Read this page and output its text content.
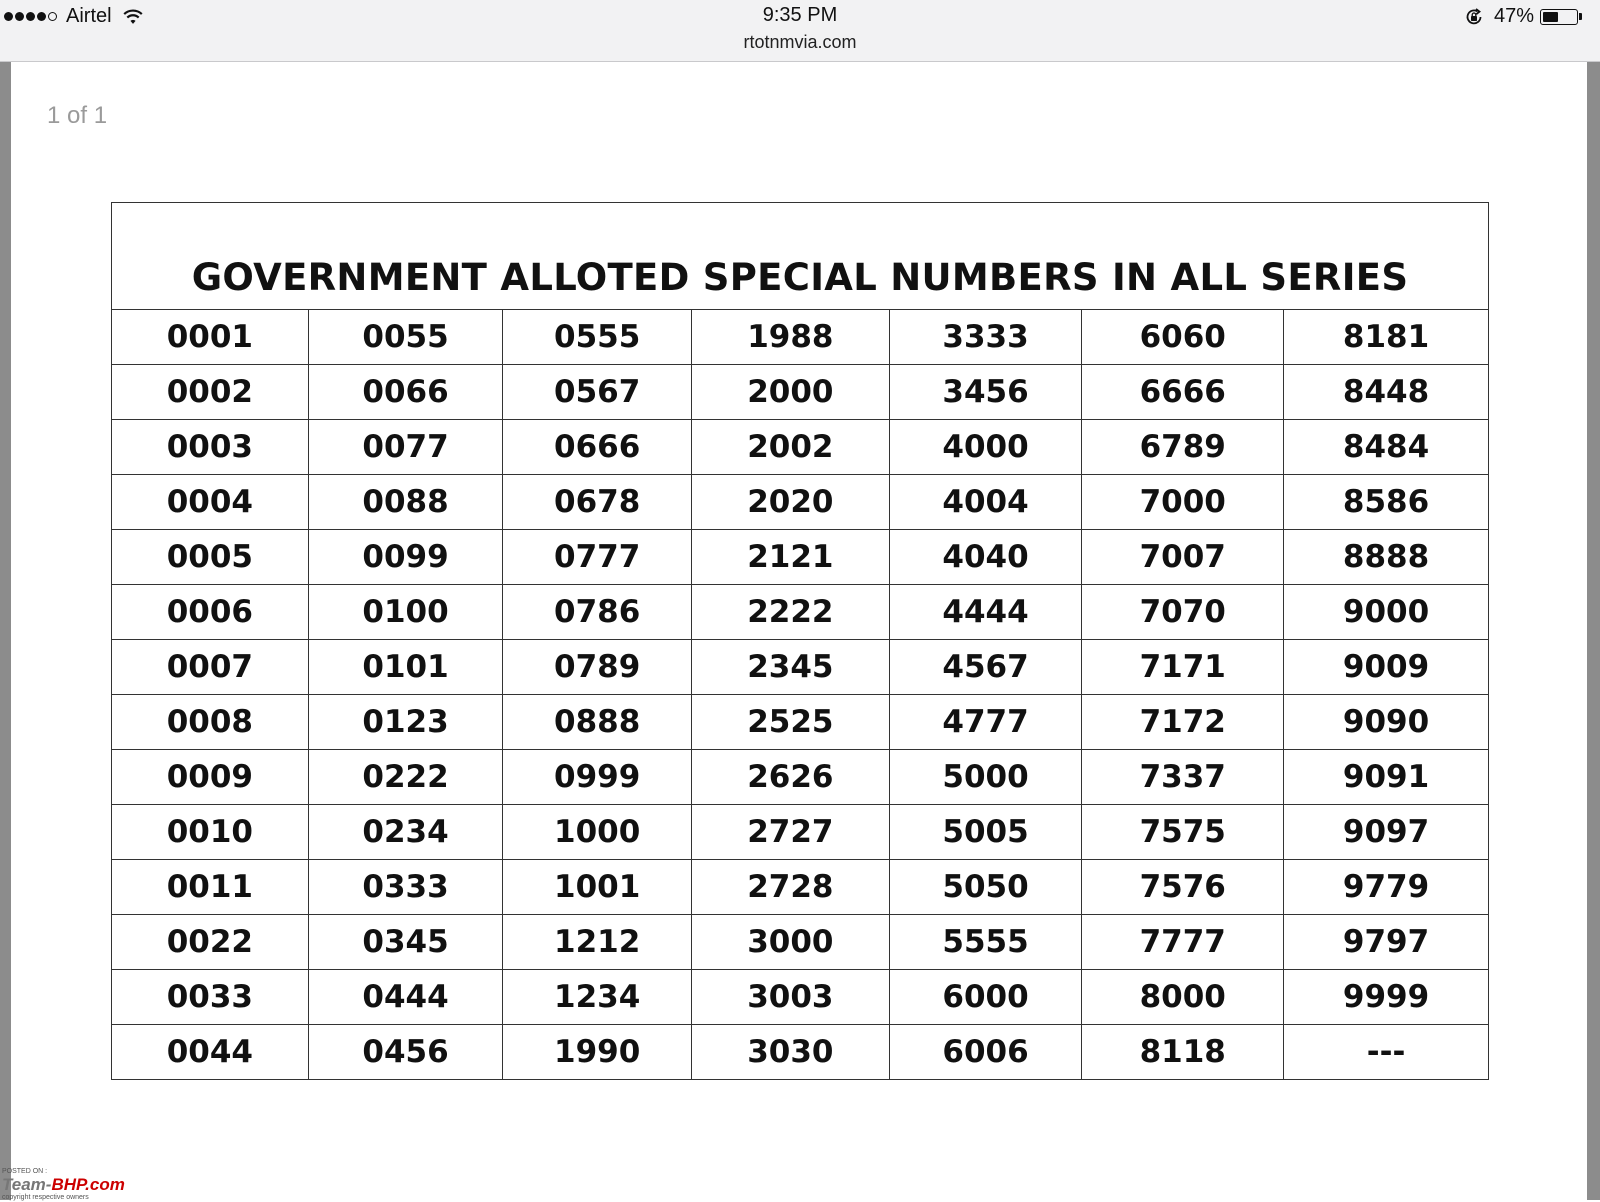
Airtel	9:35 PM
rtotnmvia.com
47%
1 of 1
GOVERNMENT ALLOTED SPECIAL NUMBERS IN ALL SERIES						
0001	0055	0555	1988	3333	6060	8181
0002	0066	0567	2000	3456	6666	8448
0003	0077	0666	2002	4000	6789	8484
0004	0088	0678	2020	4004	7000	8586
0005	0099	0777	2121	4040	7007	8888
0006	0100	0786	2222	4444	7070	9000
0007	0101	0789	2345	4567	7171	9009
0008	0123	0888	2525	4777	7172	9090
0009	0222	0999	2626	5000	7337	9091
0010	0234	1000	2727	5005	7575	9097
0011	0333	1001	2728	5050	7576	9779
0022	0345	1212	3000	5555	7777	9797
0033	0444	1234	3003	6000	8000	9999
0044	0456	1990	3030	6006	8118	---
POSTED ON :
Team-BHP.com
copyright respective owners
